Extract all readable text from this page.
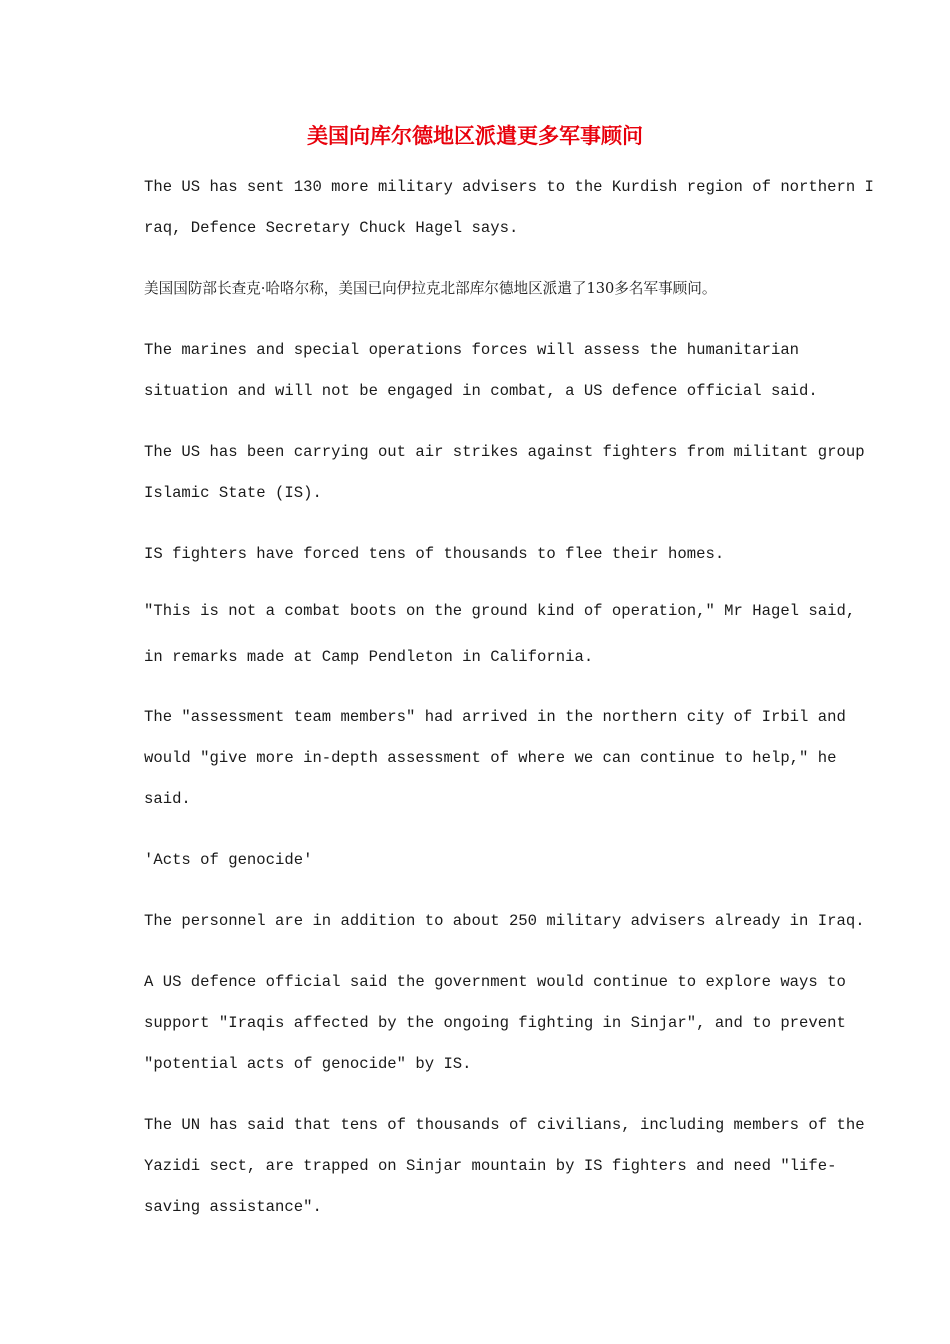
美国向库尔德地区派遣更多军事顾问

The US has sent 130 more military advisers to the Kurdish region of northern I

raq, Defence Secretary Chuck Hagel says.

美国国防部长查克·哈咯尔称，美国已向伊拉克北部库尔德地区派遣了130多名军事顾问。

The marines and special operations forces will assess the humanitarian

situation and will not be engaged in combat, a US defence official said.

The US has been carrying out air strikes against fighters from militant group

Islamic State (IS).

IS fighters have forced tens of thousands to flee their homes.

"This is not a combat boots on the ground kind of operation," Mr Hagel said,

in remarks made at Camp Pendleton in California.

The "assessment team members" had arrived in the northern city of Irbil and

would "give more in-depth assessment of where we can continue to help," he

said.

'Acts of genocide'

The personnel are in addition to about 250 military advisers already in Iraq.

A US defence official said the government would continue to explore ways to

support "Iraqis affected by the ongoing fighting in Sinjar", and to prevent

"potential acts of genocide" by IS.

The UN has said that tens of thousands of civilians, including members of the

Yazidi sect, are trapped on Sinjar mountain by IS fighters and need "life-

saving assistance".
